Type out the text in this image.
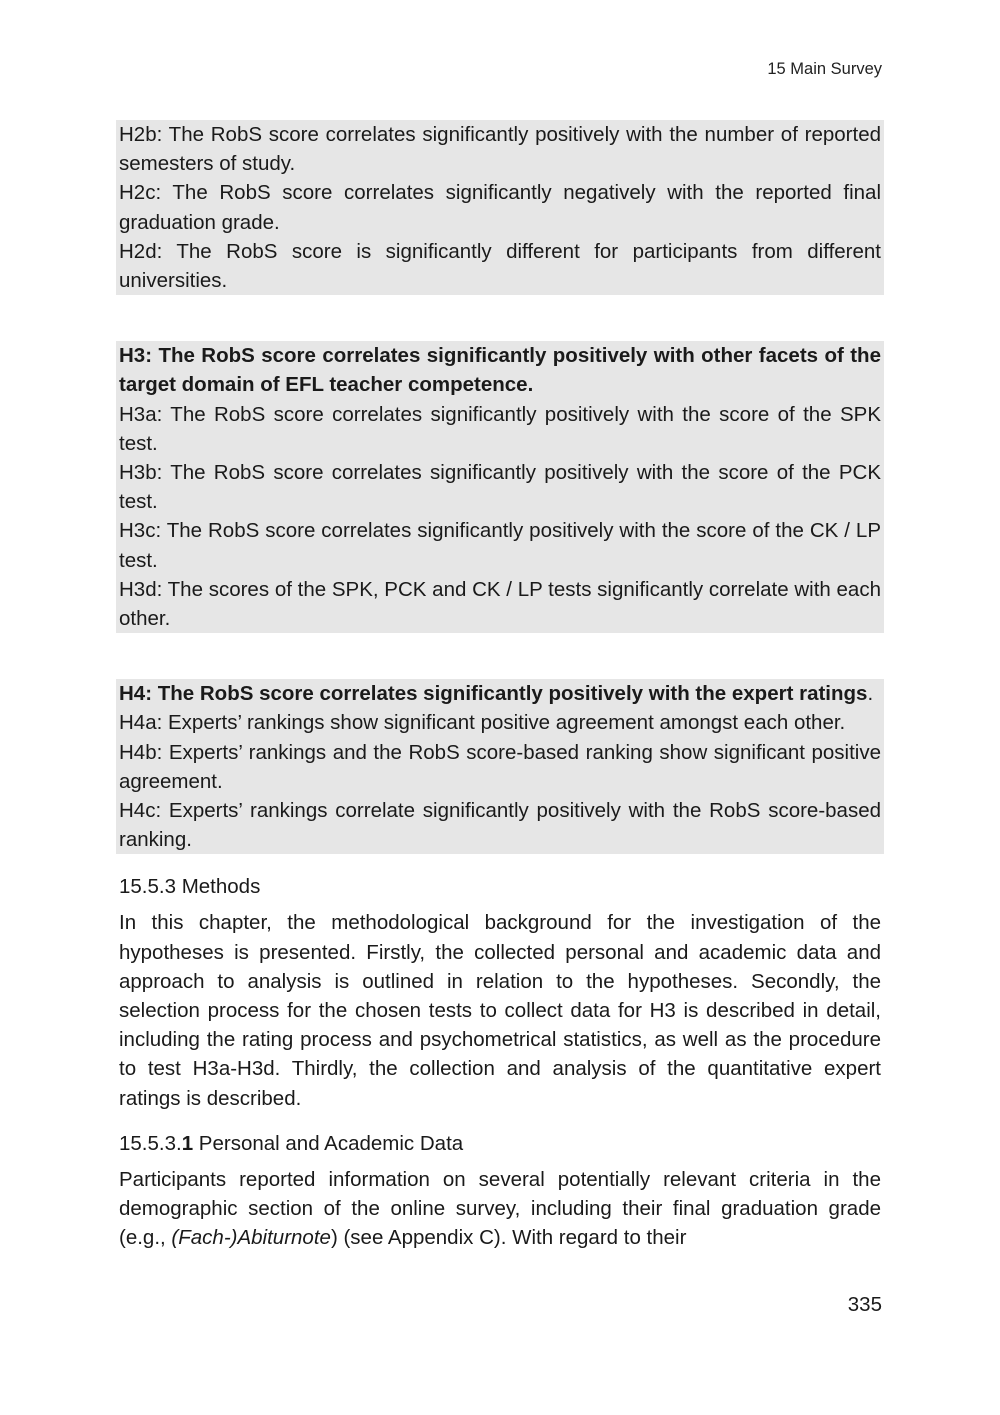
15 Main Survey

H2b: The RobS score correlates significantly positively with the number of reported semesters of study.

H2c: The RobS score correlates significantly negatively with the reported final graduation grade.

H2d: The RobS score is significantly different for participants from different universities.

H3: The RobS score correlates significantly positively with other facets of the target domain of EFL teacher competence.

H3a: The RobS score correlates significantly positively with the score of the SPK test.

H3b: The RobS score correlates significantly positively with the score of the PCK test.

H3c: The RobS score correlates significantly positively with the score of the CK / LP test.

H3d: The scores of the SPK, PCK and CK / LP tests significantly correlate with each other.

H4: The RobS score correlates significantly positively with the expert ratings.

H4a: Experts’ rankings show significant positive agreement amongst each other.

H4b: Experts’ rankings and the RobS score-based ranking show significant positive agreement.

H4c: Experts’ rankings correlate significantly positively with the RobS score-based ranking.

15.5.3 Methods

In this chapter, the methodological background for the investigation of the hypotheses is presented. Firstly, the collected personal and academic data and approach to analysis is outlined in relation to the hypotheses. Secondly, the selection process for the chosen tests to collect data for H3 is described in detail, including the rating process and psychometrical statistics, as well as the procedure to test H3a-H3d. Thirdly, the collection and analysis of the quantitative expert ratings is described.

15.5.3.1 Personal and Academic Data

Participants reported information on several potentially relevant criteria in the demographic section of the online survey, including their final graduation grade (e.g., (Fach-)Abiturnote) (see Appendix C). With regard to their

335
